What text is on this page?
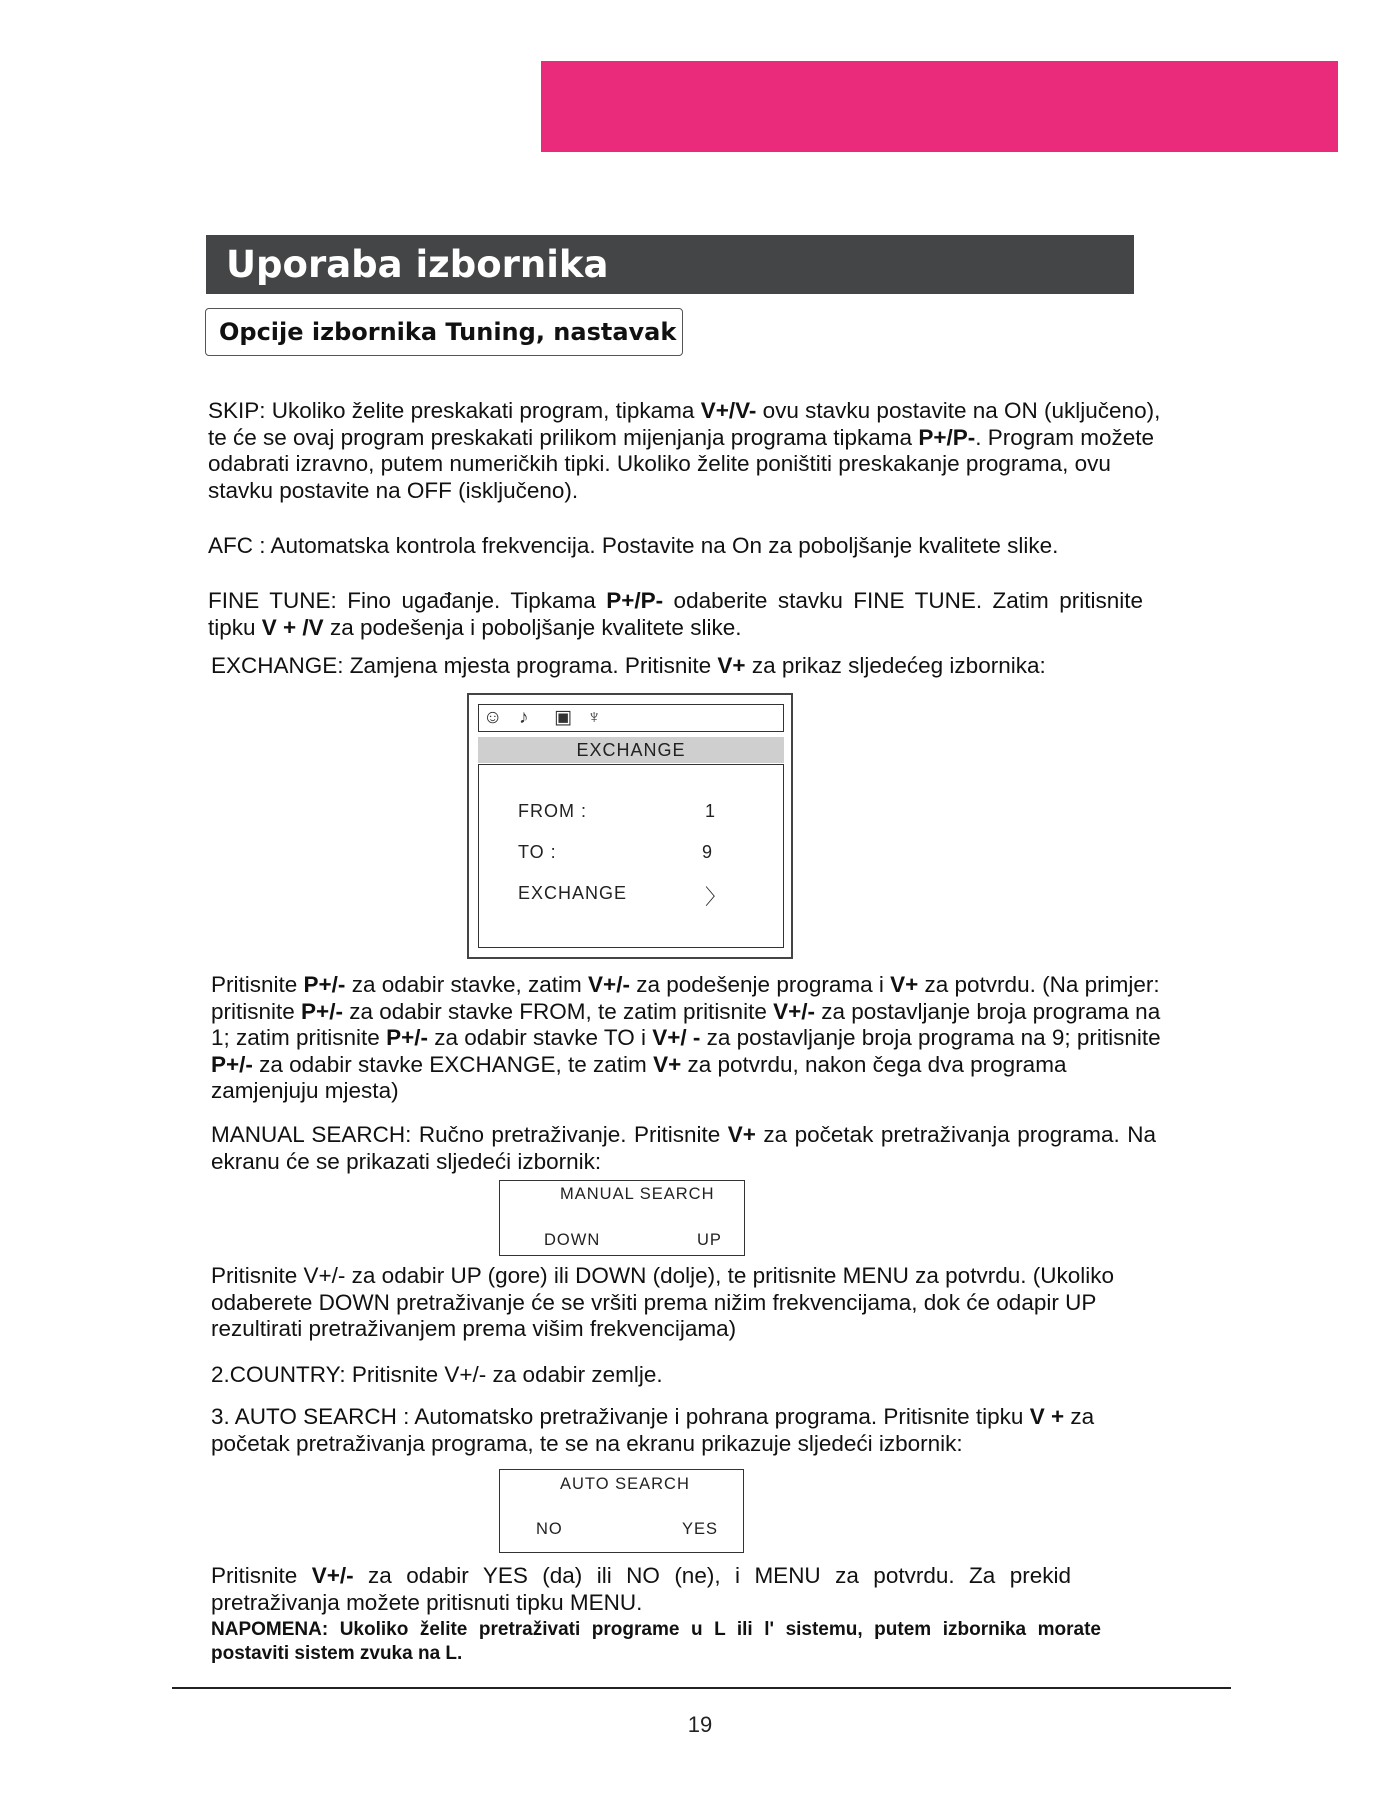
Uporaba izbornika
Opcije izbornika Tuning, nastavak

SKIP: Ukoliko želite preskakati program, tipkama V+/V- ovu stavku postavite na ON (uključeno), te će se ovaj program preskakati prilikom mijenjanja programa tipkama P+/P-. Program možete odabrati izravno, putem numeričkih tipki. Ukoliko želite poništiti preskakanje programa, ovu stavku postavite na OFF (isključeno).

AFC : Automatska kontrola frekvencija. Postavite na On za poboljšanje kvalitete slike.

FINE TUNE: Fino ugađanje. Tipkama P+/P- odaberite stavku FINE TUNE. Zatim pritisnite tipku V + /V za podešenja i poboljšanje kvalitete slike.

EXCHANGE: Zamjena mjesta programa. Pritisnite V+ za prikaz sljedećeg izbornika:

☺ ♪ ▣ ♆
EXCHANGE
FROM :	1
TO :	9
EXCHANGE	〉

Pritisnite P+/- za odabir stavke, zatim V+/- za podešenje programa i V+ za potvrdu. (Na primjer: pritisnite P+/- za odabir stavke FROM, te zatim pritisnite V+/- za postavljanje broja programa na 1; zatim pritisnite P+/- za odabir stavke TO i V+/ - za postavljanje broja programa na 9; pritisnite P+/- za odabir stavke EXCHANGE, te zatim V+ za potvrdu, nakon čega dva programa zamjenjuju mjesta)

MANUAL SEARCH: Ručno pretraživanje. Pritisnite V+ za početak pretraživanja programa. Na ekranu će se prikazati sljedeći izbornik:

MANUAL SEARCH
DOWN	UP

Pritisnite V+/- za odabir UP (gore) ili DOWN (dolje), te pritisnite MENU za potvrdu. (Ukoliko odaberete DOWN pretraživanje će se vršiti prema nižim frekvencijama, dok će odapir UP rezultirati pretraživanjem prema višim frekvencijama)

2.COUNTRY: Pritisnite V+/- za odabir zemlje.

3. AUTO SEARCH : Automatsko pretraživanje i pohrana programa. Pritisnite tipku V + za početak pretraživanja programa, te se na ekranu prikazuje sljedeći izbornik:

AUTO SEARCH
NO	YES

Pritisnite V+/- za odabir YES (da) ili NO (ne), i MENU za potvrdu. Za prekid pretraživanja možete pritisnuti tipku MENU.

NAPOMENA: Ukoliko želite pretraživati programe u L ili l' sistemu, putem izbornika morate postaviti sistem zvuka na L.

19
